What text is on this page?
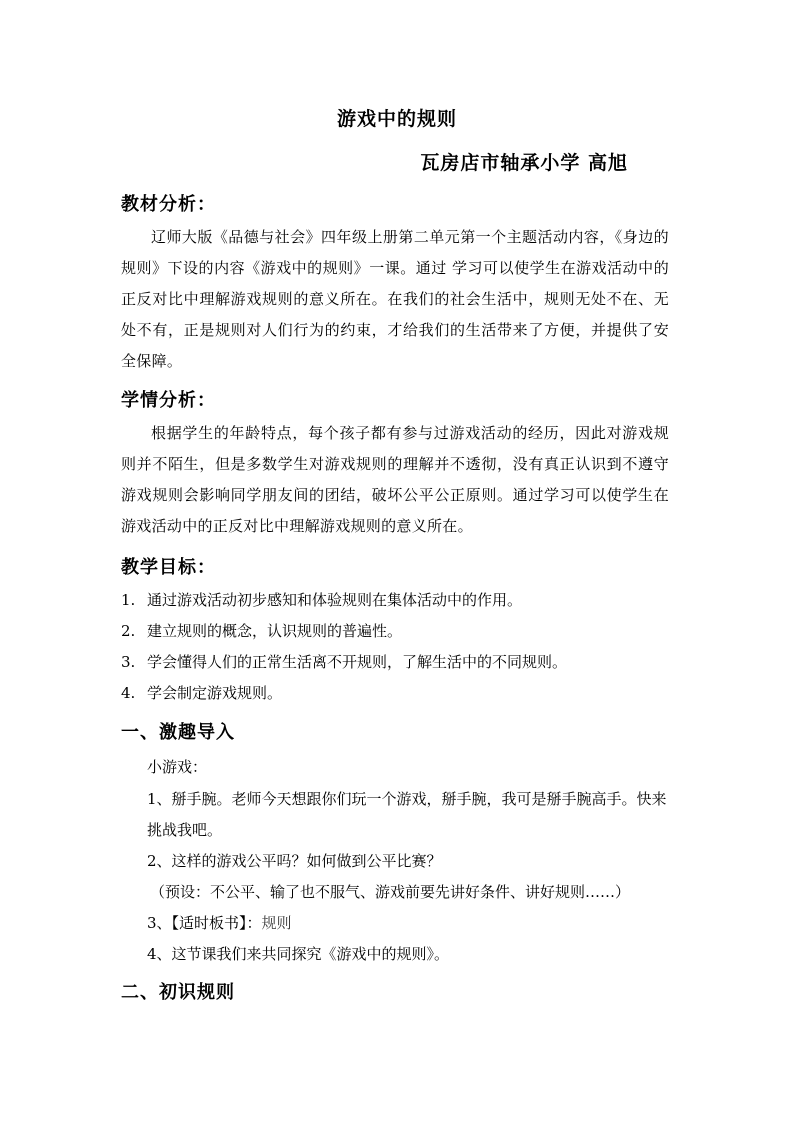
游戏中的规则
瓦房店市轴承小学 高旭
教材分析：
辽师大版《品德与社会》四年级上册第二单元第一个主题活动内容，《身边的规则》下设的内容《游戏中的规则》一课。通过 学习可以使学生在游戏活动中的正反对比中理解游戏规则的意义所在。在我们的社会生活中，规则无处不在、无处不有，正是规则对人们行为的约束，才给我们的生活带来了方便，并提供了安全保障。
学情分析：
根据学生的年龄特点，每个孩子都有参与过游戏活动的经历，因此对游戏规则并不陌生，但是多数学生对游戏规则的理解并不透彻，没有真正认识到不遵守游戏规则会影响同学朋友间的团结，破坏公平公正原则。通过学习可以使学生在游戏活动中的正反对比中理解游戏规则的意义所在。
教学目标：
1. 通过游戏活动初步感知和体验规则在集体活动中的作用。
2. 建立规则的概念，认识规则的普遍性。
3. 学会懂得人们的正常生活离不开规则，了解生活中的不同规则。
4. 学会制定游戏规则。
一、激趣导入
小游戏：
1、掰手腕。老师今天想跟你们玩一个游戏，掰手腕，我可是掰手腕高手。快来挑战我吧。
2、这样的游戏公平吗？如何做到公平比赛？
（预设：不公平、输了也不服气、游戏前要先讲好条件、讲好规则……）
3、【适时板书】：规则
4、这节课我们来共同探究《游戏中的规则》。
二、初识规则
